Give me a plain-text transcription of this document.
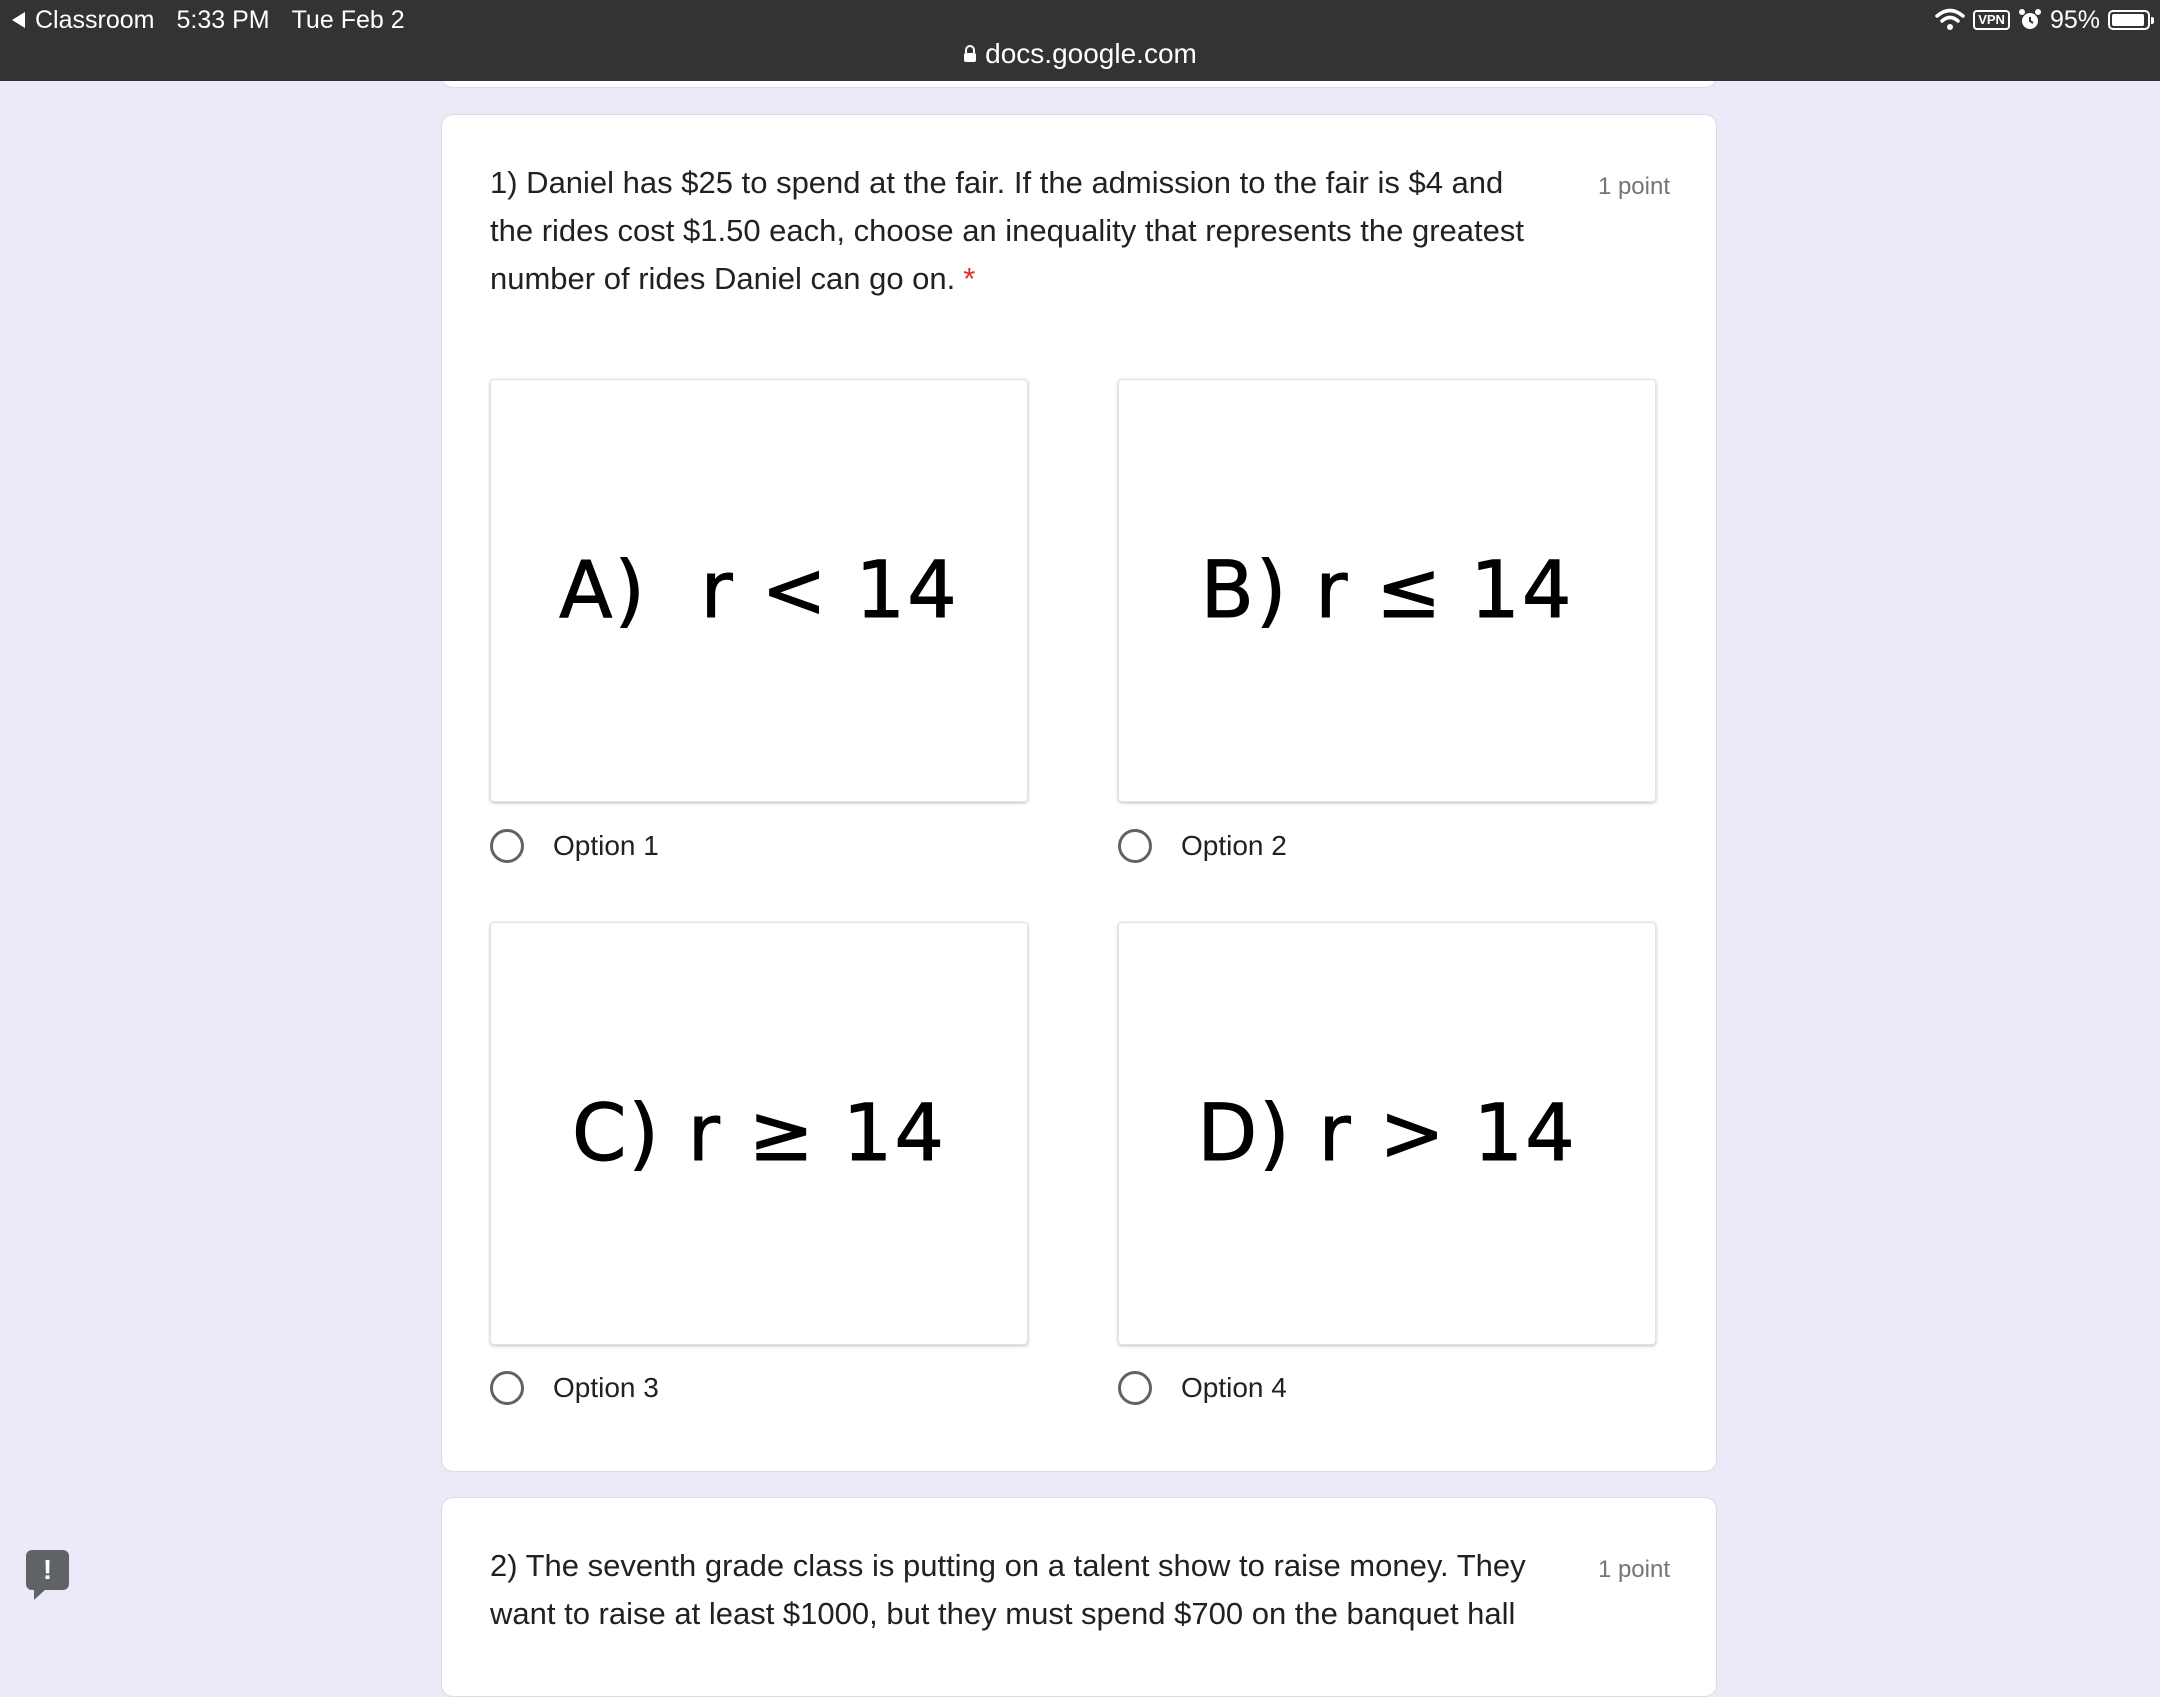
Classroom 5:33 PM Tue Feb 2	VPN 95%
docs.google.com
1) Daniel has $25 to spend at the fair. If the admission to the fair is $4 and the rides cost $1.50 each, choose an inequality that represents the greatest number of rides Daniel can go on. *
1 point
A)  r < 14	B) r ≤ 14
C) r ≥ 14	D) r > 14
Option 1	Option 2
Option 3	Option 4
2) The seventh grade class is putting on a talent show to raise money. They want to raise at least $1000, but they must spend $700 on the banquet hall
1 point
!
